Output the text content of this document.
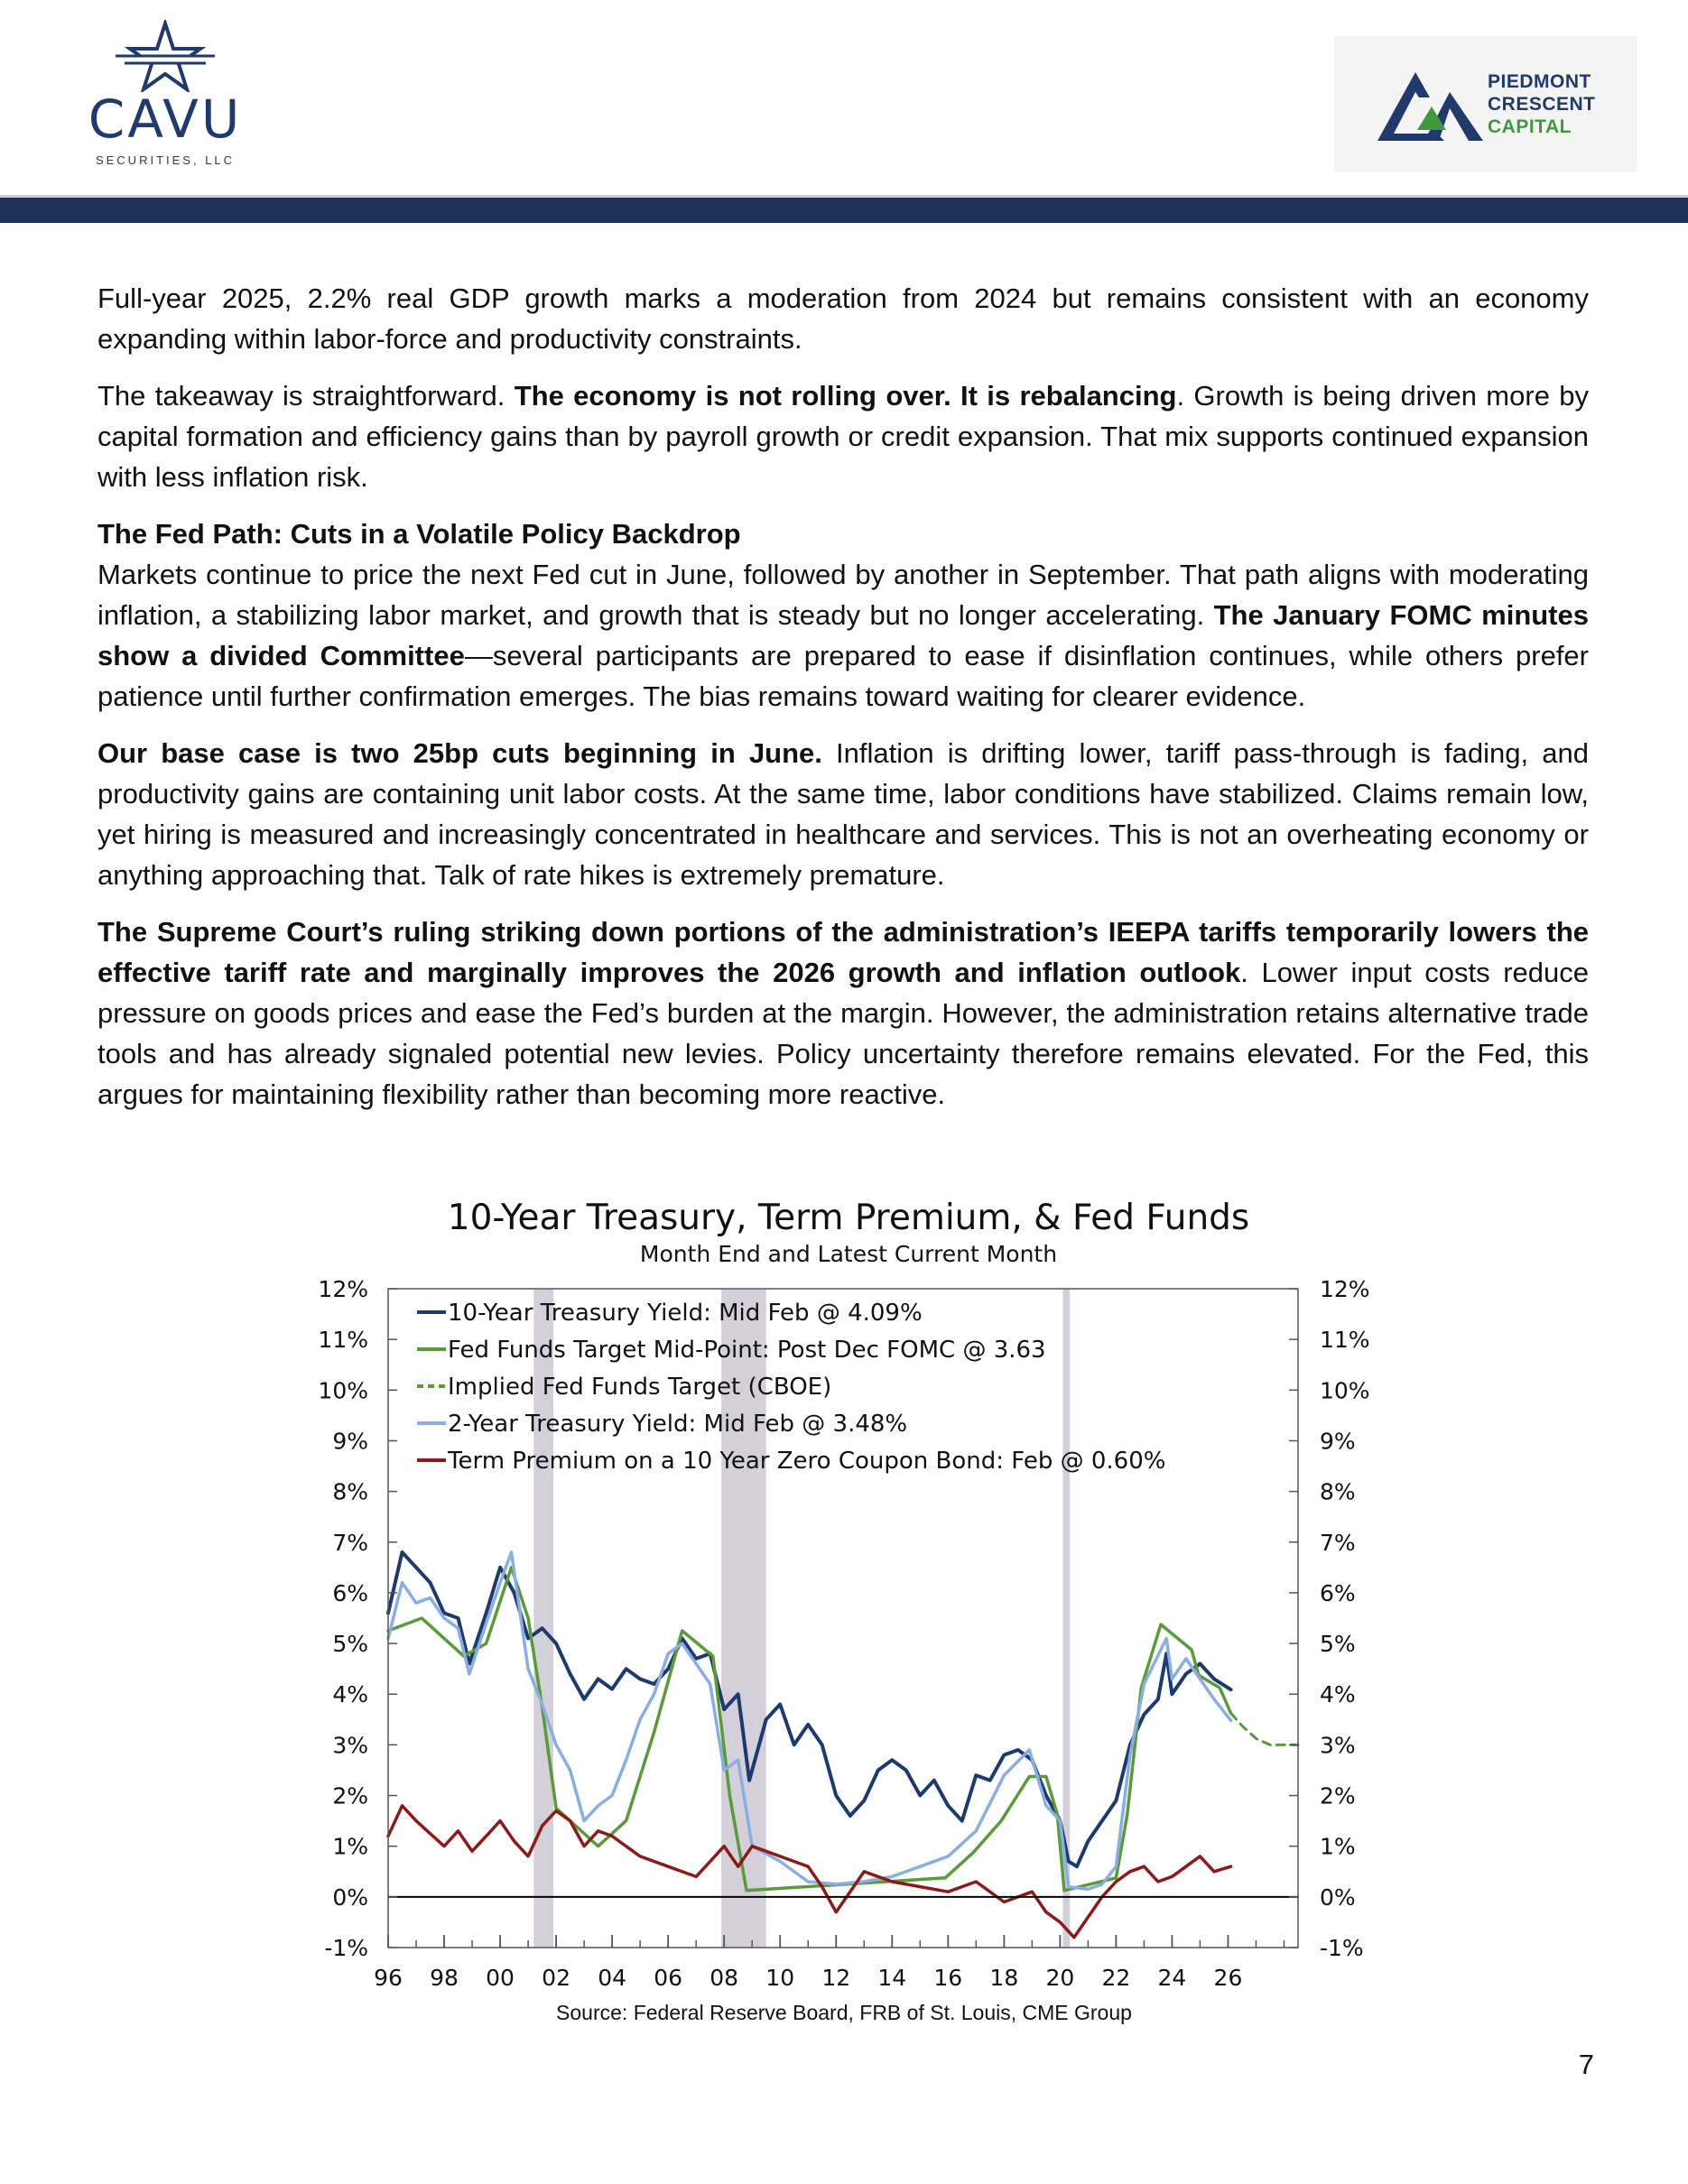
CAVU
SECURITIES, LLC
PIEDMONT
CRESCENT
CAPITAL

Full-year 2025, 2.2% real GDP growth marks a moderation from 2024 but remains consistent with an economy expanding within labor-force and productivity constraints.

The takeaway is straightforward. The economy is not rolling over. It is rebalancing. Growth is being driven more by capital formation and efficiency gains than by payroll growth or credit expansion. That mix supports continued expansion with less inflation risk.

The Fed Path: Cuts in a Volatile Policy Backdrop

Markets continue to price the next Fed cut in June, followed by another in September. That path aligns with moderating inflation, a stabilizing labor market, and growth that is steady but no longer accelerating. The January FOMC minutes show a divided Committee—several participants are prepared to ease if disinflation continues, while others prefer patience until further confirmation emerges. The bias remains toward waiting for clearer evidence.

Our base case is two 25bp cuts beginning in June. Inflation is drifting lower, tariff pass-through is fading, and productivity gains are containing unit labor costs. At the same time, labor conditions have stabilized. Claims remain low, yet hiring is measured and increasingly concentrated in healthcare and services. This is not an overheating economy or anything approaching that. Talk of rate hikes is extremely premature.

The Supreme Court’s ruling striking down portions of the administration’s IEEPA tariffs temporarily lowers the effective tariff rate and marginally improves the 2026 growth and inflation outlook. Lower input costs reduce pressure on goods prices and ease the Fed’s burden at the margin. However, the administration retains alternative trade tools and has already signaled potential new levies. Policy uncertainty therefore remains elevated. For the Fed, this argues for maintaining flexibility rather than becoming more reactive.

-1%	-1%
0%	0%
1%	1%
2%	2%
3%	3%
4%	4%
5%	5%
6%	6%
7%	7%
8%	8%
9%	9%
10%	10%
11%	11%
12%	12%
96 98 00 02 04 06 08 10 12 14 16 18 20 22 24 26
10-Year Treasury Yield: Mid Feb @ 4.09%
Fed Funds Target Mid-Point: Post Dec FOMC @ 3.63
Implied Fed Funds Target (CBOE)
2-Year Treasury Yield: Mid Feb @ 3.48%
Term Premium on a 10 Year Zero Coupon Bond: Feb @ 0.60%
10-Year Treasury, Term Premium, & Fed Funds
Month End and Latest Current Month
Source: Federal Reserve Board, FRB of St. Louis, CME Group
7
